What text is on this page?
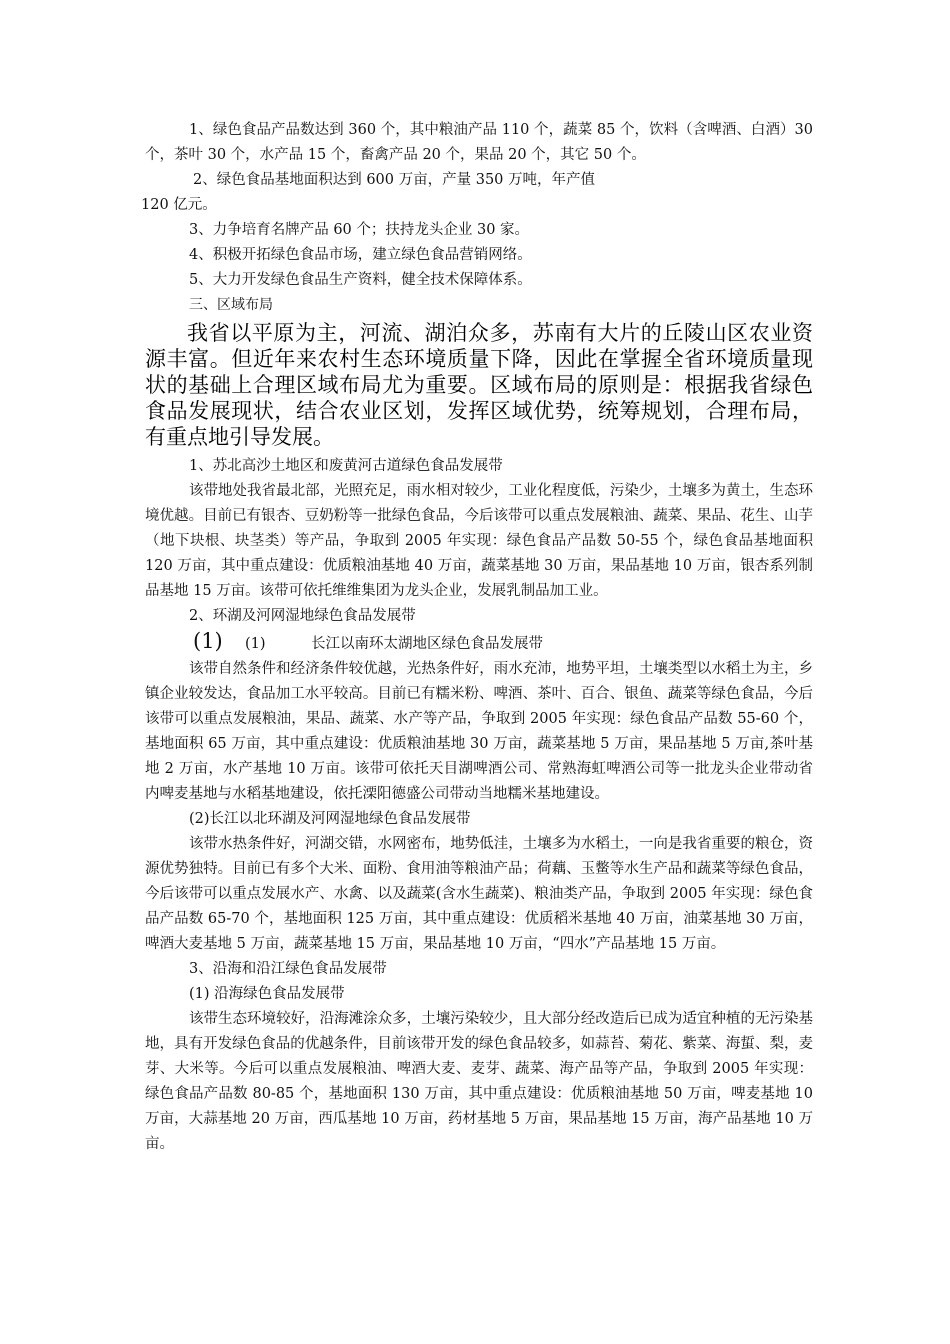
1、绿色食品产品数达到 360 个，其中粮油产品 110 个，蔬菜 85 个，饮料（含啤酒、白酒）30 个，茶叶 30 个，水产品 15 个，畜禽产品 20 个，果品 20 个，其它 50 个。

2、绿色食品基地面积达到 600 万亩，产量 350 万吨，年产值

120 亿元。

3、力争培育名牌产品 60 个；扶持龙头企业 30 家。

4、积极开拓绿色食品市场，建立绿色食品营销网络。

5、大力开发绿色食品生产资料，健全技术保障体系。

三、区域布局

我省以平原为主，河流、湖泊众多，苏南有大片的丘陵山区农业资源丰富。但近年来农村生态环境质量下降，因此在掌握全省环境质量现状的基础上合理区域布局尤为重要。区域布局的原则是：根据我省绿色食品发展现状，结合农业区划，发挥区域优势，统筹规划，合理布局，有重点地引导发展。

1、苏北高沙土地区和废黄河古道绿色食品发展带

该带地处我省最北部，光照充足，雨水相对较少，工业化程度低，污染少，土壤多为黄土，生态环境优越。目前已有银杏、豆奶粉等一批绿色食品，今后该带可以重点发展粮油、蔬菜、果品、花生、山芋（地下块根、块茎类）等产品，争取到 2005 年实现：绿色食品产品数 50-55 个，绿色食品基地面积 120 万亩，其中重点建设：优质粮油基地 40 万亩，蔬菜基地 30 万亩，果品基地 10 万亩，银杏系列制品基地 15 万亩。该带可依托维维集团为龙头企业，发展乳制品加工业。

2、环湖及河网湿地绿色食品发展带

(1)	(1)	长江以南环太湖地区绿色食品发展带

该带自然条件和经济条件较优越，光热条件好，雨水充沛，地势平坦，土壤类型以水稻土为主，乡镇企业较发达，食品加工水平较高。目前已有糯米粉、啤酒、茶叶、百合、银鱼、蔬菜等绿色食品，今后该带可以重点发展粮油，果品、蔬菜、水产等产品，争取到 2005 年实现：绿色食品产品数 55-60 个，基地面积 65 万亩，其中重点建设：优质粮油基地 30 万亩，蔬菜基地 5 万亩，果品基地 5 万亩,茶叶基地 2 万亩，水产基地 10 万亩。该带可依托天目湖啤酒公司、常熟海虹啤酒公司等一批龙头企业带动省内啤麦基地与水稻基地建设，依托溧阳德盛公司带动当地糯米基地建设。

(2)长江以北环湖及河网湿地绿色食品发展带

该带水热条件好，河湖交错，水网密布，地势低洼，土壤多为水稻土，一向是我省重要的粮仓，资源优势独特。目前已有多个大米、面粉、食用油等粮油产品；荷藕、玉鳖等水生产品和蔬菜等绿色食品，今后该带可以重点发展水产、水禽、以及蔬菜(含水生蔬菜)、粮油类产品，争取到 2005 年实现：绿色食品产品数 65-70 个，基地面积 125 万亩，其中重点建设：优质稻米基地 40 万亩，油菜基地 30 万亩，啤酒大麦基地 5 万亩，蔬菜基地 15 万亩，果品基地 10 万亩，“四水”产品基地 15 万亩。

3、沿海和沿江绿色食品发展带

(1) 沿海绿色食品发展带

该带生态环境较好，沿海滩涂众多，土壤污染较少，且大部分经改造后已成为适宜种植的无污染基地，具有开发绿色食品的优越条件，目前该带开发的绿色食品较多，如蒜苔、菊花、紫菜、海蜇、梨，麦芽、大米等。今后可以重点发展粮油、啤酒大麦、麦芽、蔬菜、海产品等产品，争取到 2005 年实现：绿色食品产品数 80-85 个，基地面积 130 万亩，其中重点建设：优质粮油基地 50 万亩，啤麦基地 10 万亩，大蒜基地 20 万亩，西瓜基地 10 万亩，药材基地 5 万亩，果品基地 15 万亩，海产品基地 10 万亩。
